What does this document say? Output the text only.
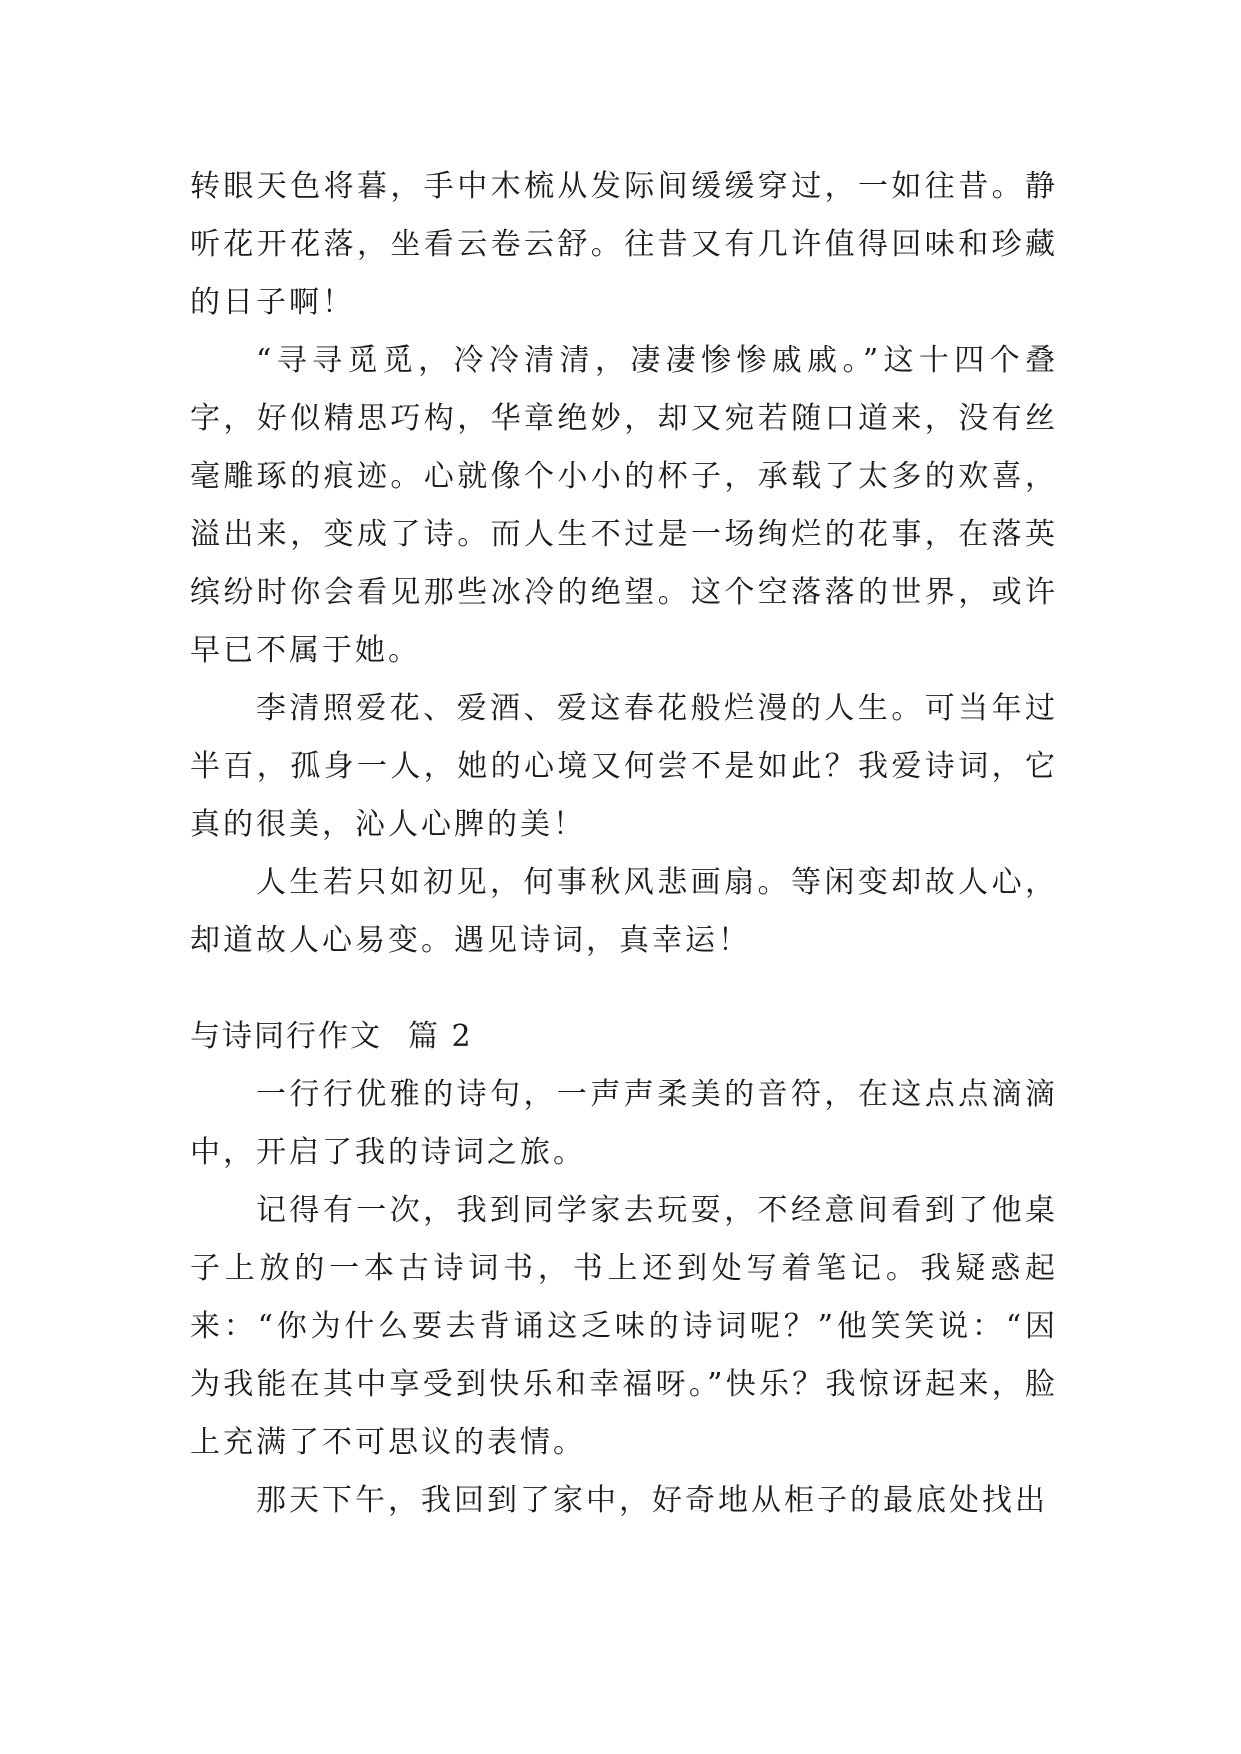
转眼天色将暮，手中木梳从发际间缓缓穿过，一如往昔。静听花开花落，坐看云卷云舒。往昔又有几许值得回味和珍藏的日子啊！

“寻寻觅觅，冷冷清清，凄凄惨惨戚戚。”这十四个叠字，好似精思巧构，华章绝妙，却又宛若随口道来，没有丝毫雕琢的痕迹。心就像个小小的杯子，承载了太多的欢喜，溢出来，变成了诗。而人生不过是一场绚烂的花事，在落英缤纷时你会看见那些冰冷的绝望。这个空落落的世界，或许早已不属于她。

李清照爱花、爱酒、爱这春花般烂漫的人生。可当年过半百，孤身一人，她的心境又何尝不是如此？我爱诗词，它真的很美，沁人心脾的美！

人生若只如初见，何事秋风悲画扇。等闲变却故人心，却道故人心易变。遇见诗词，真幸运！

与诗同行作文 篇 2

一行行优雅的诗句，一声声柔美的音符，在这点点滴滴中，开启了我的诗词之旅。

记得有一次，我到同学家去玩耍，不经意间看到了他桌子上放的一本古诗词书，书上还到处写着笔记。我疑惑起来：“你为什么要去背诵这乏味的诗词呢？”他笑笑说：“因为我能在其中享受到快乐和幸福呀。”快乐？我惊讶起来，脸上充满了不可思议的表情。

那天下午，我回到了家中，好奇地从柜子的最底处找出
